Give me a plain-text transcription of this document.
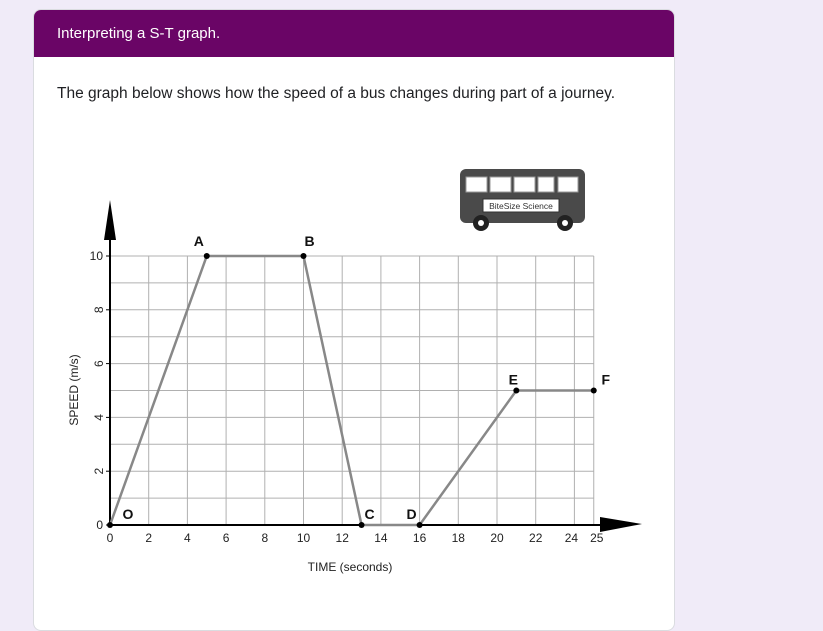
Interpreting a S-T graph.
The graph below shows how the speed of a bus changes during part of a journey.
BiteSize Science
0	2	4	6	8 10 12 14 16 18 20 22 24 25
0
2
4
6
8
10
O
A	B
C D
E	F
TIME (seconds)
SPEED (m/s)
